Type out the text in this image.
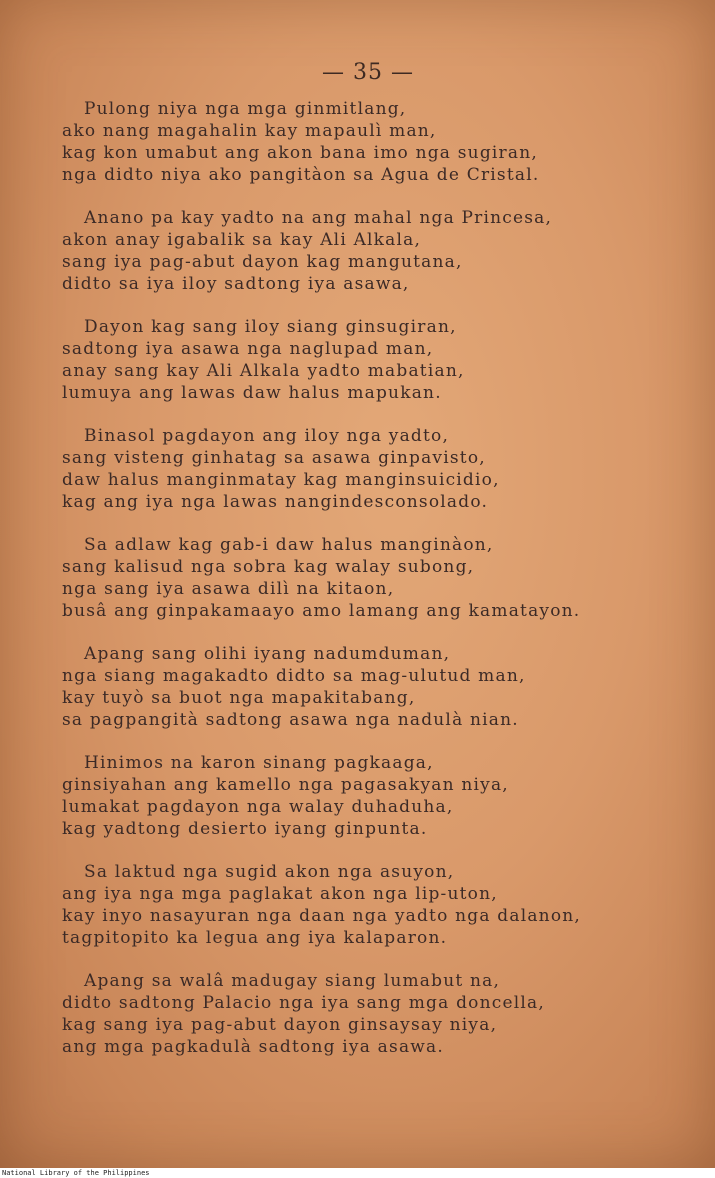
— 35 —
Pulong niya nga mga ginmitlang,
ako nang magahalin kay mapaulì man,
kag kon umabut ang akon bana imo nga sugiran,
nga didto niya ako pangitàon sa Agua de Cristal.
Anano pa kay yadto na ang mahal nga Princesa,
akon anay igabalik sa kay Ali Alkala,
sang iya pag-abut dayon kag mangutana,
didto sa iya iloy sadtong iya asawa,
Dayon kag sang iloy siang ginsugiran,
sadtong iya asawa nga naglupad man,
anay sang kay Ali Alkala yadto mabatian,
lumuya ang lawas daw halus mapukan.
Binasol pagdayon ang iloy nga yadto,
sang visteng ginhatag sa asawa ginpavisto,
daw halus manginmatay kag manginsuicidio,
kag ang iya nga lawas nangindesconsolado.
Sa adlaw kag gab-i daw halus manginàon,
sang kalisud nga sobra kag walay subong,
nga sang iya asawa dilì na kitaon,
busâ ang ginpakamaayo amo lamang ang kamatayon.
Apang sang olihi iyang nadumduman,
nga siang magakadto didto sa mag-ulutud man,
kay tuyò sa buot nga mapakitabang,
sa pagpangità sadtong asawa nga nadulà nian.
Hinimos na karon sinang pagkaaga,
ginsiyahan ang kamello nga pagasakyan niya,
lumakat pagdayon nga walay duhaduha,
kag yadtong desierto iyang ginpunta.
Sa laktud nga sugid akon nga asuyon,
ang iya nga mga paglakat akon nga lip-uton,
kay inyo nasayuran nga daan nga yadto nga dalanon,
tagpitopito ka legua ang iya kalaparon.
Apang sa walâ madugay siang lumabut na,
didto sadtong Palacio nga iya sang mga doncella,
kag sang iya pag-abut dayon ginsaysay niya,
ang mga pagkadulà sadtong iya asawa.
National Library of the Philippines
